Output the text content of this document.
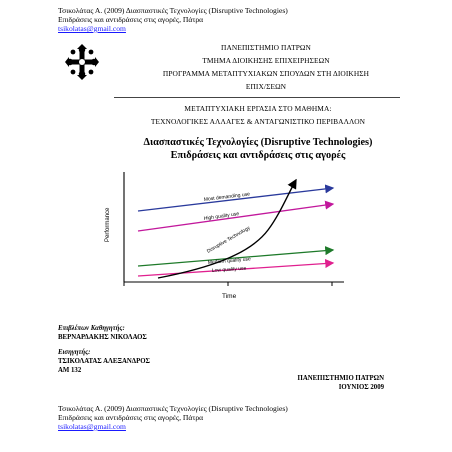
Τσικολάτας Α. (2009) Διασπαστικές Τεχνολογίες (Disruptive Technologies)
Επιδράσεις και αντιδράσεις στις αγορές, Πάτρα
tsikolatas@gmail.com
ΠΑΝΕΠΙΣΤΗΜΙΟ ΠΑΤΡΩΝ
ΤΜΗΜΑ ΔΙΟΙΚΗΣΗΣ ΕΠΙΧΕΙΡΗΣΕΩΝ
ΠΡΟΓΡΑΜΜΑ ΜΕΤΑΠΤΥΧΙΑΚΩΝ ΣΠΟΥΔΩΝ ΣΤΗ ΔΙΟΙΚΗΣΗ
ΕΠΙΧ/ΣΕΩΝ
ΜΕΤΑΠΤΥΧΙΑΚΗ ΕΡΓΑΣΙΑ ΣΤΟ ΜΑΘΗΜΑ:
ΤΕΧΝΟΛΟΓΙΚΕΣ ΑΛΛΑΓΕΣ & ΑΝΤΑΓΩΝΙΣΤΙΚΟ ΠΕΡΙΒΑΛΛΟΝ
Διασπαστικές Τεχνολογίες (Disruptive Technologies)
Επιδράσεις και αντιδράσεις στις αγορές
Performance
Time
Most demanding use
High quality use
Medium quality use
Low quality use
Disruptive Technology
Επιβλέπων Καθηγητής:
ΒΕΡΝΑΡΔΑΚΗΣ ΝΙΚΟΛΑΟΣ
Εισηγητής:
ΤΣΙΚΟΛΑΤΑΣ ΑΛΕΞΑΝΔΡΟΣ
ΑΜ 132
ΠΑΝΕΠΙΣΤΗΜΙΟ ΠΑΤΡΩΝ
ΙΟΥΝΙΟΣ 2009
Τσικολάτας Α. (2009) Διασπαστικές Τεχνολογίες (Disruptive Technologies)
Επιδράσεις και αντιδράσεις στις αγορές, Πάτρα
tsikolatas@gmail.com
